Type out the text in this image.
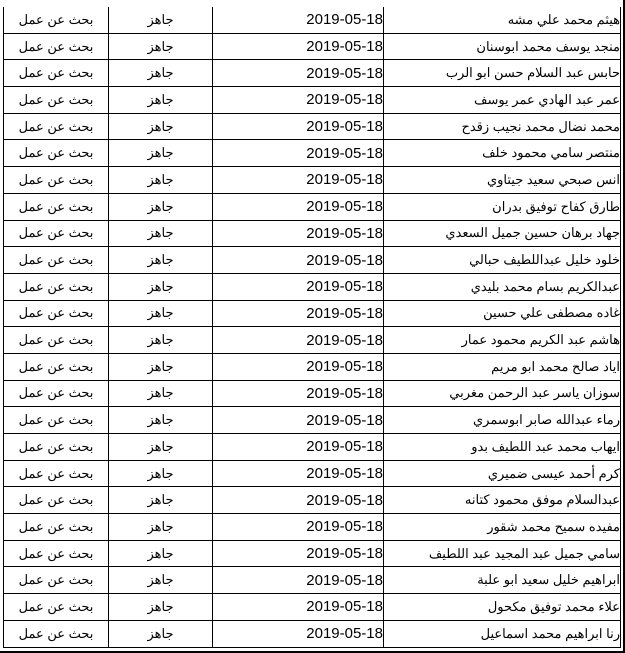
بحث عن عمل	جاهز	2019-05-18	هيثم محمد علي مشه
بحث عن عمل	جاهز	2019-05-18	منجد يوسف محمد ابوسنان
بحث عن عمل	جاهز	2019-05-18	حابس عبد السلام حسن ابو الرب
بحث عن عمل	جاهز	2019-05-18	عمر عبد الهادي عمر يوسف
بحث عن عمل	جاهز	2019-05-18	محمد نضال محمد نجيب زقدح
بحث عن عمل	جاهز	2019-05-18	منتصر سامي محمود خلف
بحث عن عمل	جاهز	2019-05-18	انس صبحي سعيد جيتاوي
بحث عن عمل	جاهز	2019-05-18	طارق كفاح توفيق بدران
بحث عن عمل	جاهز	2019-05-18	جهاد برهان حسين جميل السعدي
بحث عن عمل	جاهز	2019-05-18	خلود خليل عبداللطيف حبالي
بحث عن عمل	جاهز	2019-05-18	عبدالكريم بسام محمد بليدي
بحث عن عمل	جاهز	2019-05-18	غاده مصطفى علي حسين
بحث عن عمل	جاهز	2019-05-18	هاشم عبد الكريم محمود عمار
بحث عن عمل	جاهز	2019-05-18	اياد صالح محمد ابو مريم
بحث عن عمل	جاهز	2019-05-18	سوزان ياسر عبد الرحمن مغربي
بحث عن عمل	جاهز	2019-05-18	رماء عبدالله صابر ابوسمري
بحث عن عمل	جاهز	2019-05-18	ايهاب محمد عبد اللطيف بدو
بحث عن عمل	جاهز	2019-05-18	كرم أحمد عيسى ضميري
بحث عن عمل	جاهز	2019-05-18	عبدالسلام موفق محمود كتانه
بحث عن عمل	جاهز	2019-05-18	مفيده سميح محمد شقور
بحث عن عمل	جاهز	2019-05-18	سامي جميل عبد المجيد عبد اللطيف
بحث عن عمل	جاهز	2019-05-18	ابراهيم خليل سعيد ابو علبة
بحث عن عمل	جاهز	2019-05-18	علاء محمد توفيق مكحول
بحث عن عمل	جاهز	2019-05-18	رنا ابراهيم محمد اسماعيل
